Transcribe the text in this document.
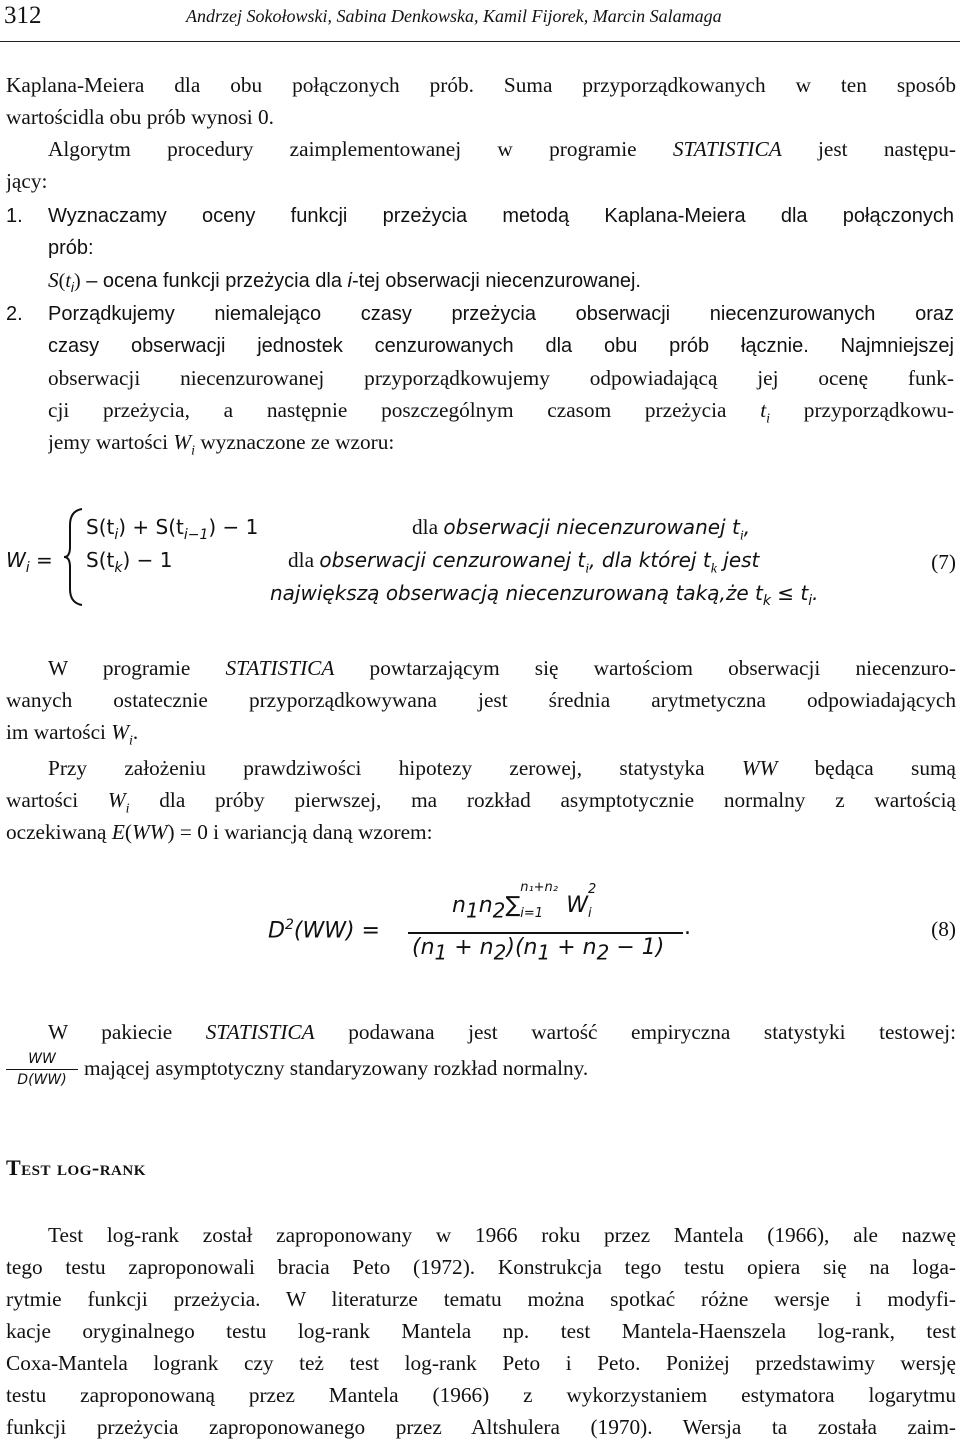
312	Andrzej Sokołowski, Sabina Denkowska, Kamil Fijorek, Marcin Salamaga
Kaplana-Meiera dla obu połączonych prób. Suma przyporządkowanych w ten sposób
wartościdla obu prób wynosi 0.
Algorytm procedury zaimplementowanej w programie STATISTICA jest następu-
jący:
1. Wyznaczamy oceny funkcji przeżycia metodą Kaplana-Meiera dla połączonych
prób:
$S(t_i)$ – ocena funkcji przeżycia dla i-tej obserwacji niecenzurowanej.
2. Porządkujemy niemalejąco czasy przeżycia obserwacji niecenzurowanych oraz
czasy obserwacji jednostek cenzurowanych dla obu prób łącznie. Najmniejszej
obserwacji niecenzurowanej przyporządkowujemy odpowiadającą jej ocenę funk-
cji przeżycia, a następnie poszczególnym czasom przeżycia $t_i$ przyporządkowu-
jemy wartości $W_i$ wyznaczone ze wzoru:
$W_i$ =
$S(t_i) + S(t_{i-1}) - 1$	dla obserwacji niecenzurowanej $t_i$,
$S(t_k) - 1$	dla obserwacji cenzurowanej $t_i$, dla której $t_k$ jest
największą obserwacją niecenzurowaną taką,że $t_k \le t_i$.
(7)
W programie STATISTICA powtarzającym się wartościom obserwacji niecenzuro-
wanych ostatecznie przyporządkowywana jest średnia arytmetyczna odpowiadających
im wartości $W_i$.
Przy założeniu prawdziwości hipotezy zerowej, statystyka WW będąca sumą
wartości $W_i$ dla próby pierwszej, ma rozkład asymptotycznie normalny z wartością
oczekiwaną E(WW) = 0 i wariancją daną wzorem:
$D^2(WW)$ =
$n_1n_2\sum$
n₁+n₂
i=1 W
2
i
$(n_1 + n_2)(n_1 + n_2 - 1)$
.	(8)
W pakiecie STATISTICA podawana jest wartość empiryczna statystyki testowej:
WW
D(WW) mającej asymptotyczny standaryzowany rozkład normalny.
Test log-rank
Test log-rank został zaproponowany w 1966 roku przez Mantela (1966), ale nazwę
tego testu zaproponowali bracia Peto (1972). Konstrukcja tego testu opiera się na loga-
rytmie funkcji przeżycia. W literaturze tematu można spotkać różne wersje i modyfi-
kacje oryginalnego testu log-rank Mantela np. test Mantela-Haenszela log-rank, test
Coxa-Mantela logrank czy też test log-rank Peto i Peto. Poniżej przedstawimy wersję
testu zaproponowaną przez Mantela (1966) z wykorzystaniem estymatora logarytmu
funkcji przeżycia zaproponowanego przez Altshulera (1970). Wersja ta została zaim-
